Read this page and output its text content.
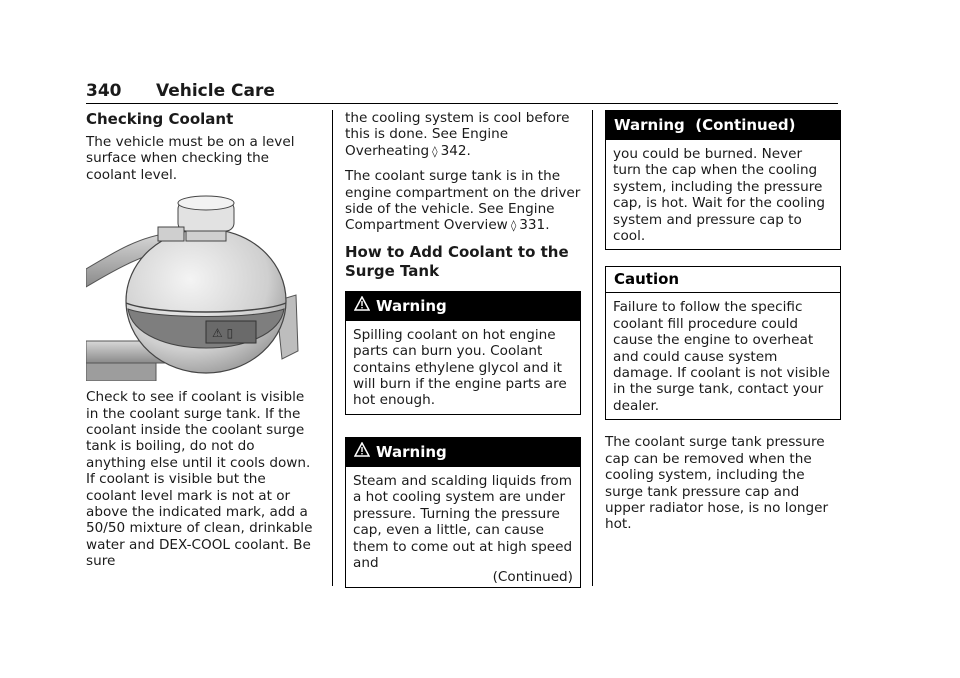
340 Vehicle Care
Checking Coolant

The vehicle must be on a level surface when checking the coolant level.

⚠ ▯

Check to see if coolant is visible in the coolant surge tank. If the coolant inside the coolant surge tank is boiling, do not do anything else until it cools down. If coolant is visible but the coolant level mark is not at or above the indicated mark, add a 50/50 mixture of clean, drinkable water and DEX-COOL coolant. Be sure

the cooling system is cool before this is done. See Engine Overheating ◊ 342.

The coolant surge tank is in the engine compartment on the driver side of the vehicle. See Engine Compartment Overview ◊ 331.

How to Add Coolant to the Surge Tank
Warning
Spilling coolant on hot engine parts can burn you. Coolant contains ethylene glycol and it will burn if the engine parts are hot enough.
Warning
Steam and scalding liquids from a hot cooling system are under pressure. Turning the pressure cap, even a little, can cause them to come out at high speed and
(Continued)
Warning  (Continued)
you could be burned. Never turn the cap when the cooling system, including the pressure cap, is hot. Wait for the cooling system and pressure cap to cool.
Caution
Failure to follow the specific coolant fill procedure could cause the engine to overheat and could cause system damage. If coolant is not visible in the surge tank, contact your dealer.

The coolant surge tank pressure cap can be removed when the cooling system, including the surge tank pressure cap and upper radiator hose, is no longer hot.
